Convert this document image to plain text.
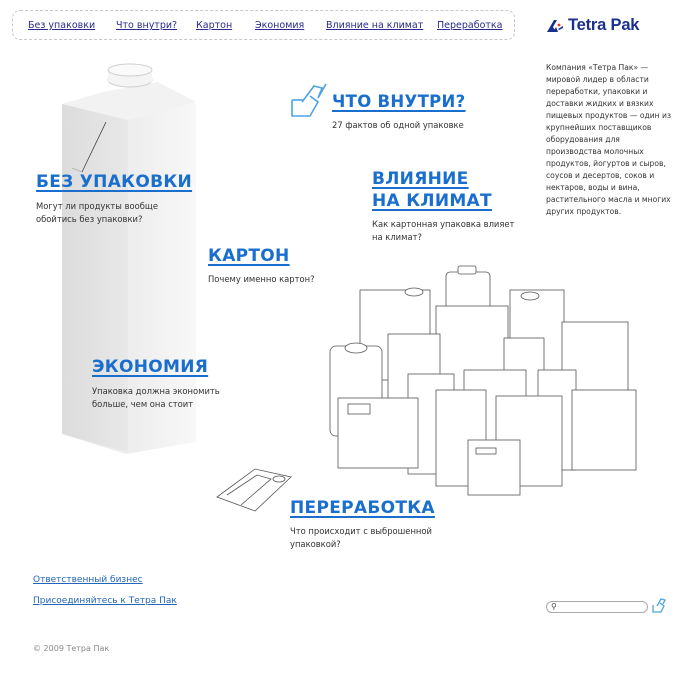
Без упаковки Что внутри? Картон Экономия Влияние на климат Переработка	Tetra Pak
Компания «Тетра Пак» — мировой лидер в области переработки, упаковки и доставки жидких и вязких пищевых продуктов — один из крупнейших поставщиков оборудования для производства молочных продуктов, йогуртов и сыров, соусов и десертов, соков и нектаров, воды и вина, растительного масла и многих других продуктов.
ЧТО ВНУТРИ?
27 фактов об одной упаковке
БЕЗ УПАКОВКИ
Могут ли продукты вообще
обойтись без упаковки?
ВЛИЯНИЕ
НА КЛИМАТ
Как картонная упаковка влияет
на климат?
КАРТОН
Почему именно картон?
ЭКОНОМИЯ
Упаковка должна экономить
больше, чем она стоит
ПЕРЕРАБОТКА
Что происходит с выброшенной
упаковкой?
Ответственный бизнес
Присоединяйтесь к Тетра Пак
© 2009 Тетра Пак
⚲
